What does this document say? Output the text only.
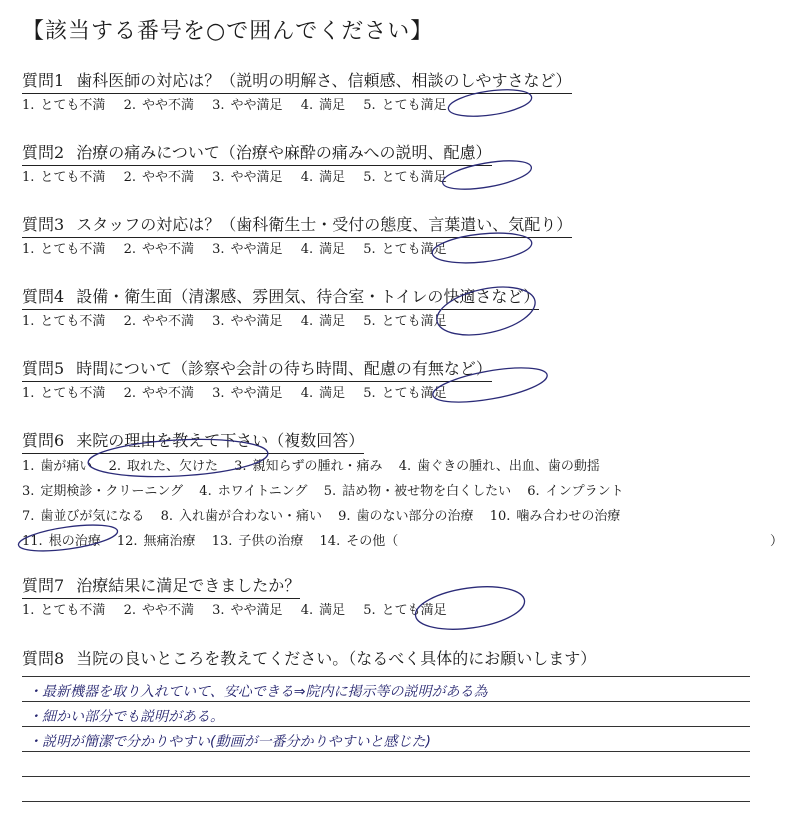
【該当する番号を○で囲んでください】
質問1 歯科医師の対応は？（説明の明解さ、信頼感、相談のしやすさなど）
1. とても不満 2. やや不満 3. やや満足 4. 満足 5. とても満足
質問2 治療の痛みについて（治療や麻酔の痛みへの説明、配慮）
1. とても不満 2. やや不満 3. やや満足 4. 満足 5. とても満足
質問3 スタッフの対応は？（歯科衛生士・受付の態度、言葉遣い、気配り）
1. とても不満 2. やや不満 3. やや満足 4. 満足 5. とても満足
質問4 設備・衛生面（清潔感、雰囲気、待合室・トイレの快適さなど）
1. とても不満 2. やや不満 3. やや満足 4. 満足 5. とても満足
質問5 時間について（診察や会計の待ち時間、配慮の有無など）
1. とても不満 2. やや不満 3. やや満足 4. 満足 5. とても満足
質問6 来院の理由を教えて下さい（複数回答）
1. 歯が痛い 2. 取れた、欠けた 3. 親知らずの腫れ・痛み 4. 歯ぐきの腫れ、出血、歯の動揺
3. 定期検診・クリーニング 4. ホワイトニング 5. 詰め物・被せ物を白くしたい 6. インプラント
7. 歯並びが気になる 8. 入れ歯が合わない・痛い 9. 歯のない部分の治療 10. 噛み合わせの治療
11. 根の治療 12. 無痛治療 13. 子供の治療 14. その他（	）
質問7 治療結果に満足できましたか？
1. とても不満 2. やや不満 3. やや満足 4. 満足 5. とても満足
質問8 当院の良いところを教えてください。（なるべく具体的にお願いします）
・最新機器を取り入れていて、安心できる⇒院内に掲示等の説明がある為
・細かい部分でも説明がある。
・説明が簡潔で分かりやすい(動画が一番分かりやすいと感じた)
